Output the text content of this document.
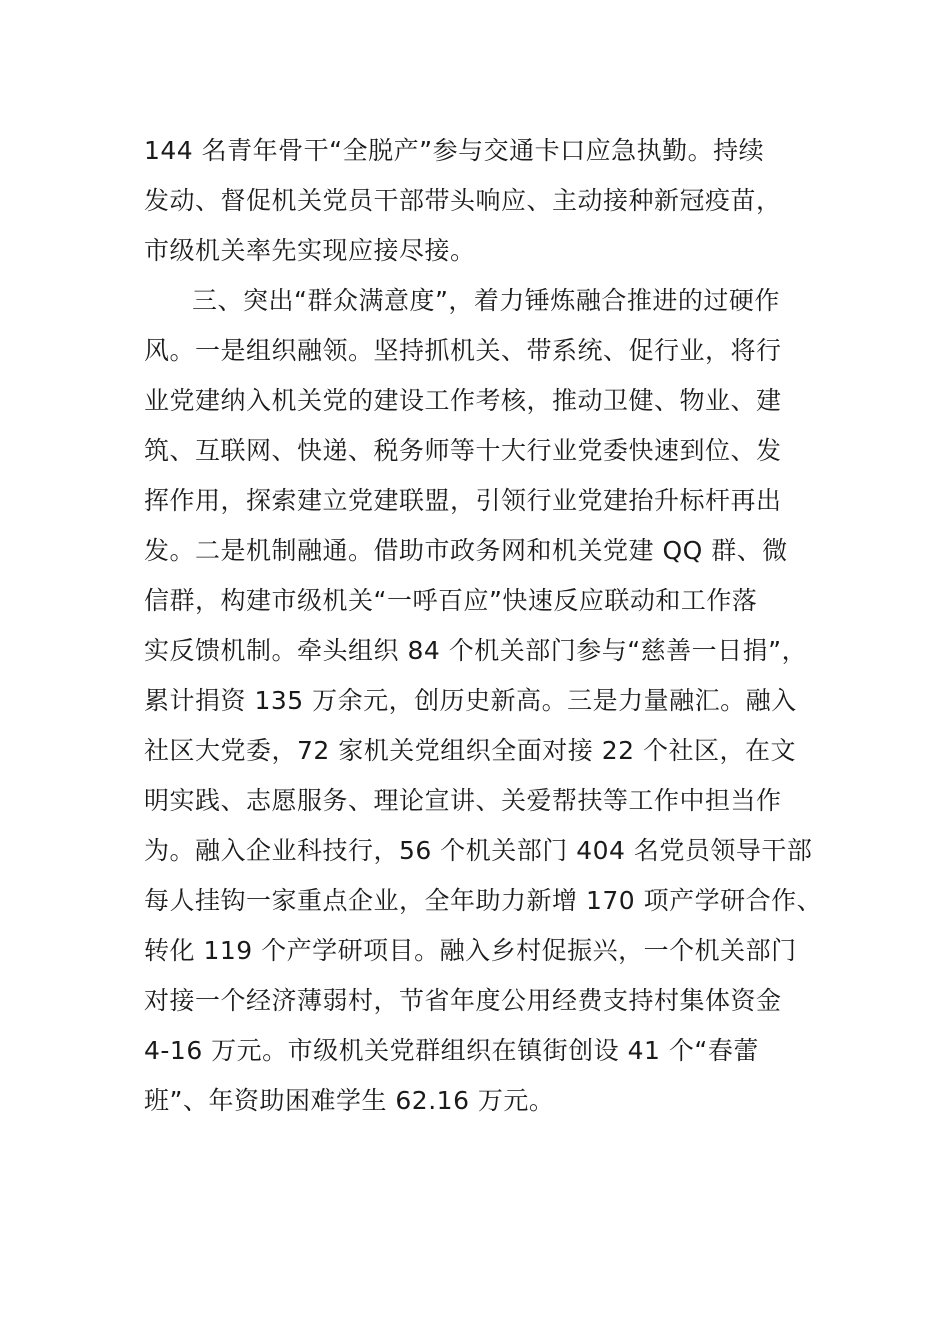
144 名青年骨干“全脱产”参与交通卡口应急执勤。持续
发动、督促机关党员干部带头响应、主动接种新冠疫苗，
市级机关率先实现应接尽接。
三、突出“群众满意度”，着力锤炼融合推进的过硬作
风。一是组织融领。坚持抓机关、带系统、促行业，将行
业党建纳入机关党的建设工作考核，推动卫健、物业、建
筑、互联网、快递、税务师等十大行业党委快速到位、发
挥作用，探索建立党建联盟，引领行业党建抬升标杆再出
发。二是机制融通。借助市政务网和机关党建 QQ 群、微
信群，构建市级机关“一呼百应”快速反应联动和工作落
实反馈机制。牵头组织 84 个机关部门参与“慈善一日捐”，
累计捐资 135 万余元，创历史新高。三是力量融汇。融入
社区大党委，72 家机关党组织全面对接 22 个社区，在文
明实践、志愿服务、理论宣讲、关爱帮扶等工作中担当作
为。融入企业科技行，56 个机关部门 404 名党员领导干部
每人挂钩一家重点企业，全年助力新增 170 项产学研合作、
转化 119 个产学研项目。融入乡村促振兴，一个机关部门
对接一个经济薄弱村，节省年度公用经费支持村集体资金
4-16 万元。市级机关党群组织在镇街创设 41 个“春蕾
班”、年资助困难学生 62.16 万元。
